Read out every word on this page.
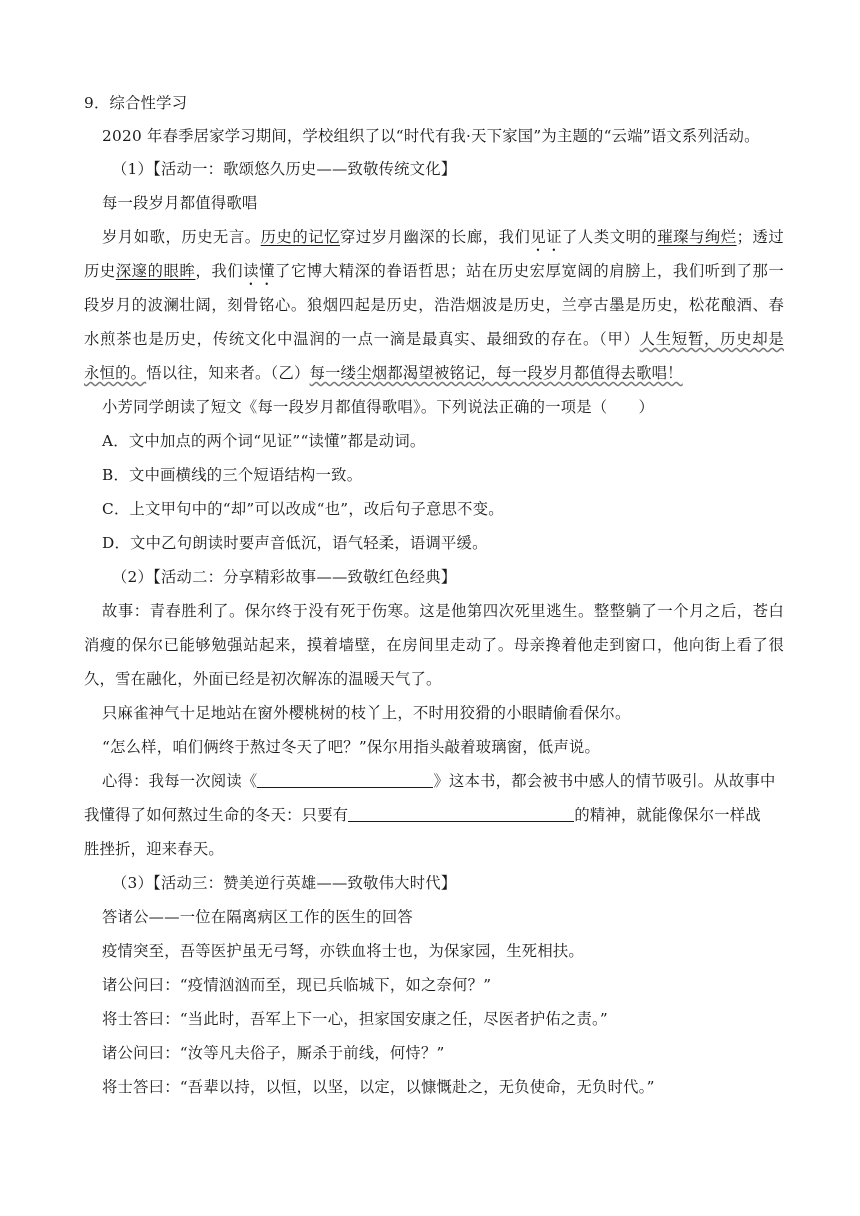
9．综合性学习
2020 年春季居家学习期间，学校组织了以“时代有我·天下家国”为主题的“云端”语文系列活动。
（1）【活动一：歌颂悠久历史——致敬传统文化】
每一段岁月都值得歌唱
岁月如歌，历史无言。历史的记忆穿过岁月幽深的长廊，我们见证了人类文明的璀璨与绚烂；透过
历史深邃的眼眸，我们读懂了它博大精深的眷语哲思；站在历史宏厚宽阔的肩膀上，我们听到了那一
段岁月的波澜壮阔，刻骨铭心。狼烟四起是历史，浩浩烟波是历史，兰亭古墨是历史，松花酿酒、春
水煎茶也是历史，传统文化中温润的一点一滴是最真实、最细致的存在。（甲）人生短暂，历史却是
永恒的。悟以往，知来者。（乙）每一缕尘烟都渴望被铭记，每一段岁月都值得去歌唱！
小芳同学朗读了短文《每一段岁月都值得歌唱》。下列说法正确的一项是（　　）
A．文中加点的两个词“见证”“读懂”都是动词。
B．文中画横线的三个短语结构一致。
C．上文甲句中的“却”可以改成“也”，改后句子意思不变。
D．文中乙句朗读时要声音低沉，语气轻柔，语调平缓。
（2）【活动二：分享精彩故事——致敬红色经典】
故事：青春胜利了。保尔终于没有死于伤寒。这是他第四次死里逃生。整整躺了一个月之后，苍白
消瘦的保尔已能够勉强站起来，摸着墙壁，在房间里走动了。母亲搀着他走到窗口，他向街上看了很
久，雪在融化，外面已经是初次解冻的温暖天气了。
只麻雀神气十足地站在窗外樱桃树的枝丫上，不时用狡猾的小眼睛偷看保尔。
“怎么样，咱们俩终于熬过冬天了吧？”保尔用指头敲着玻璃窗，低声说。
心得：我每一次阅读《	》这本书，都会被书中感人的情节吸引。从故事中
我懂得了如何熬过生命的冬天：只要有	的精神，就能像保尔一样战
胜挫折，迎来春天。
（3）【活动三：赞美逆行英雄——致敬伟大时代】
答诸公——一位在隔离病区工作的医生的回答
疫情突至，吾等医护虽无弓弩，亦铁血将士也，为保家园，生死相扶。
诸公问曰：“疫情汹汹而至，现已兵临城下，如之奈何？”
将士答曰：“当此时，吾军上下一心，担家国安康之任，尽医者护佑之责。”
诸公问曰：“汝等凡夫俗子，厮杀于前线，何恃？”
将士答曰：“吾辈以持，以恒，以坚，以定，以慷慨赴之，无负使命，无负时代。”
